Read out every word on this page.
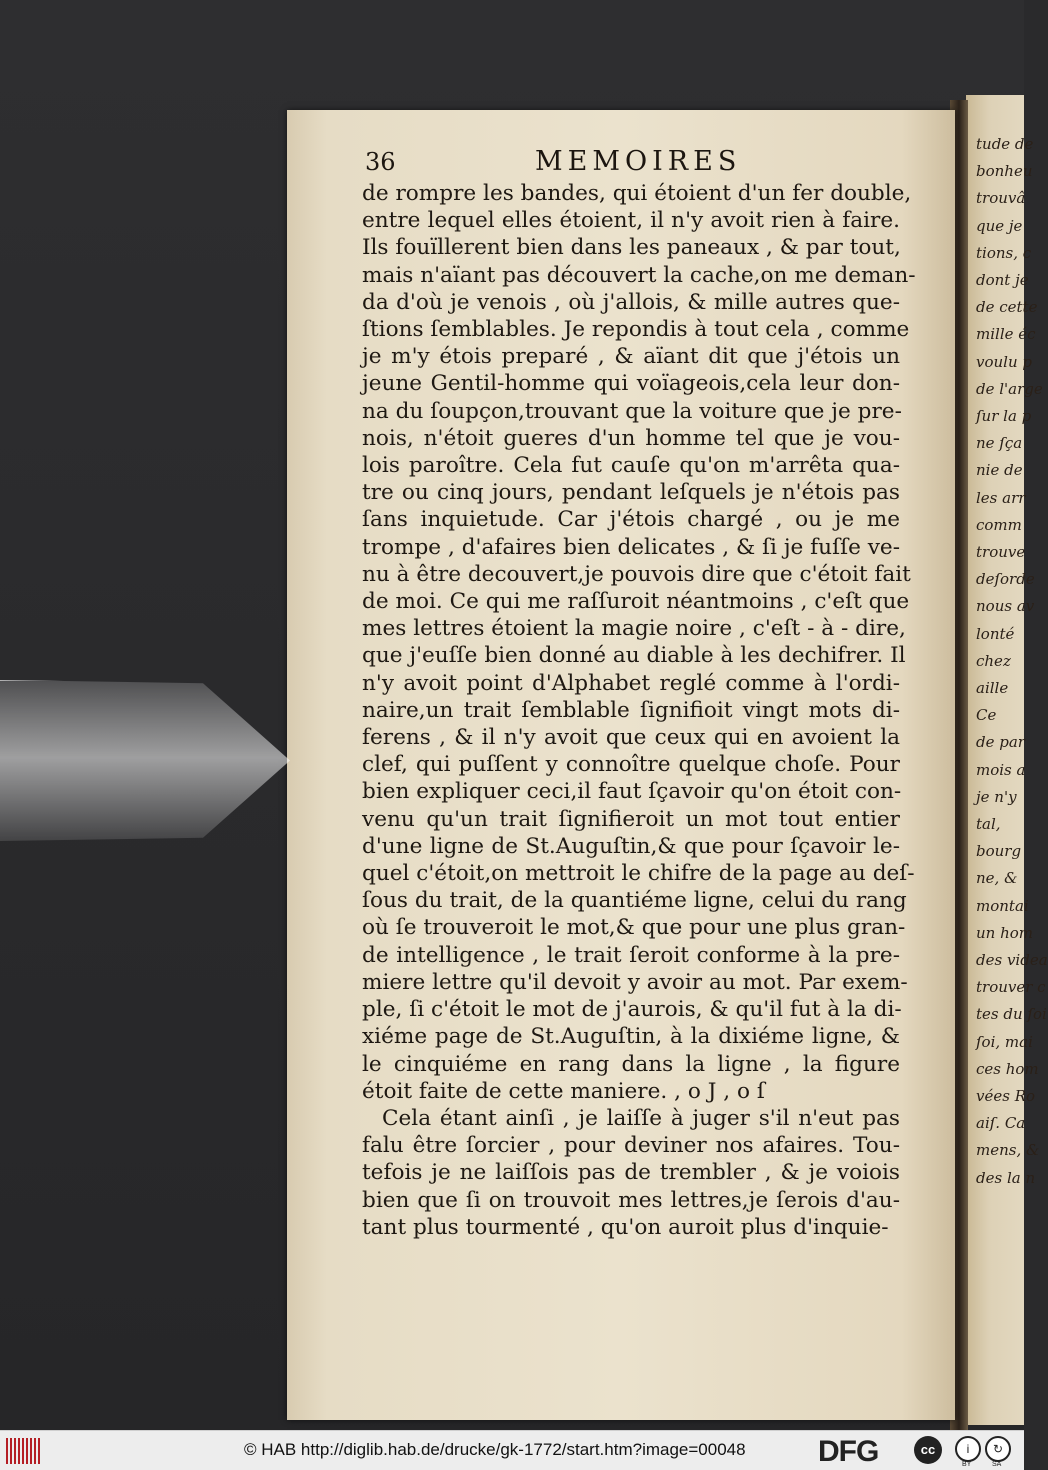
tude de
bonheu
trouvâ
que je
tions, c
dont je
de cette
mille éc
voulu p
de l'arge
ſur la p
ne ſça
nie de
les arr
comm
trouve
deſorde
nous av
lonté
chez
aille
Ce
de par
mois a
je n'y
tal,
bourg
ne, &
montai
un hom
des videa
trouver c
tes du ſoi
ſoi, mai
ces hom
vées Ro
aiſ. Ca
mens, &
des la n
36	MEMOIRES
de rompre les bandes, qui étoient d'un fer double,
entre lequel elles étoient, il n'y avoit rien à faire.
Ils fouïllerent bien dans les paneaux , & par tout,
mais n'aïant pas découvert la cache,on me deman-
da d'où je venois , où j'allois, & mille autres que-
ſtions ſemblables. Je repondis à tout cela , comme
je m'y étois preparé , & aïant dit que j'étois un
jeune Gentil-homme qui voïageois,cela leur don-
na du ſoupçon,trouvant que la voiture que je pre-
nois, n'étoit gueres d'un homme tel que je vou-
lois paroître. Cela fut cauſe qu'on m'arrêta qua-
tre ou cinq jours, pendant leſquels je n'étois pas
ſans inquietude. Car j'étois chargé , ou je me
trompe , d'afaires bien delicates , & ſi je fuſſe ve-
nu à être decouvert,je pouvois dire que c'étoit fait
de moi. Ce qui me raſſuroit néantmoins , c'eſt que
mes lettres étoient la magie noire , c'eſt - à - dire,
que j'euſſe bien donné au diable à les dechifrer. Il
n'y avoit point d'Alphabet reglé comme à l'ordi-
naire,un trait ſemblable ſignifioit vingt mots di-
ferens , & il n'y avoit que ceux qui en avoient la
clef, qui puſſent y connoître quelque choſe. Pour
bien expliquer ceci,il faut ſçavoir qu'on étoit con-
venu qu'un trait ſignifieroit un mot tout entier
d'une ligne de St.Auguſtin,& que pour ſçavoir le-
quel c'étoit,on mettroit le chifre de la page au deſ-
ſous du trait, de la quantiéme ligne, celui du rang
où ſe trouveroit le mot,& que pour une plus gran-
de intelligence , le trait ſeroit conforme à la pre-
miere lettre qu'il devoit y avoir au mot. Par exem-
ple, ſi c'étoit le mot de j'aurois, & qu'il fut à la di-
xiéme page de St.Auguſtin, à la dixiéme ligne, &
le cinquiéme en rang dans la ligne , la figure
étoit faite de cette maniere. , o J , o ſ
Cela étant ainſi , je laiſſe à juger s'il n'eut pas
falu être ſorcier , pour deviner nos afaires. Tou-
tefois je ne laiſſois pas de trembler , & je voiois
bien que ſi on trouvoit mes lettres,je ſerois d'au-
tant plus tourmenté , qu'on auroit plus d'inquie-
© HAB http://diglib.hab.de/drucke/gk-1772/start.htm?image=00048 DFG	cc	i	↻
BY	SA
